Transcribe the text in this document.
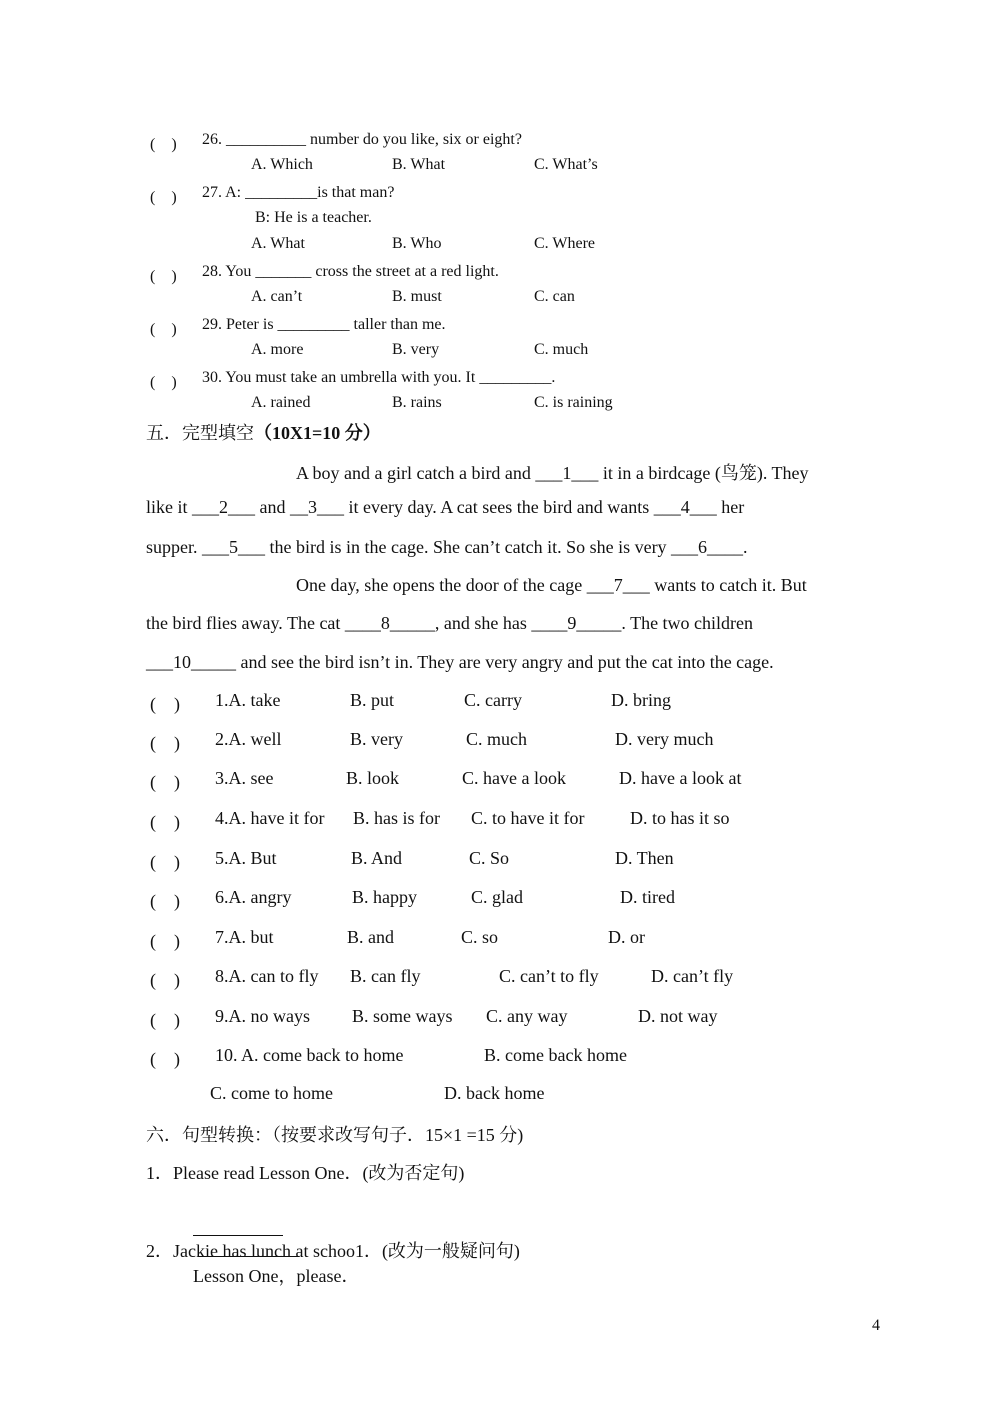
(　) 26. __________ number do you like, six or eight?
A. Which	B. What	C. What’s
(　) 27. A: _________is that man?
B: He is a teacher.
A. What	B. Who	C. Where
(　) 28. You _______ cross the street at a red light.
A. can’t	B. must	C. can
(　) 29. Peter is _________ taller than me.
A. more	B. very	C. much
(　) 30. You must take an umbrella with you. It _________.
A. rained	B. rains	C. is raining
五．完型填空（10X1=10 分）
A boy and a girl catch a bird and ___1___ it in a birdcage (鸟笼). They
like it ___2___ and __3___ it every day. A cat sees the bird and wants ___4___ her
supper. ___5___ the bird is in the cage. She can’t catch it. So she is very ___6____.
One day, she opens the door of the cage ___7___ wants to catch it. But
the bird flies away. The cat ____8_____, and she has ____9_____. The two children
___10_____ and see the bird isn’t in. They are very angry and put the cat into the cage.
(　) 1.A. take	B. put	C. carry	D. bring
(　) 2.A. well	B. very	C. much	D. very much
(　) 3.A. see	B. look	C. have a look	D. have a look at
(　) 4.A. have it for B. has is for C. to have it for	D. to has it so
(　) 5.A. But	B. And	C. So	D. Then
(　) 6.A. angry	B. happy	C. glad	D. tired
(　) 7.A. but	B. and	C. so	D. or
(　) 8.A. can to fly B. can fly	C. can’t to fly	D. can’t fly
(　) 9.A. no ways B. some ways C. any way	D. not way
(　) 10. A. come back to home	B. come back home
C. come to home	D. back home
六．句型转换：（按要求改写句子．15×1 =15 分)
1．Please read Lesson One．(改为否定句)

Lesson One，please．

2．Jackie has lunch at schoo1．(改为一般疑问句)
4
